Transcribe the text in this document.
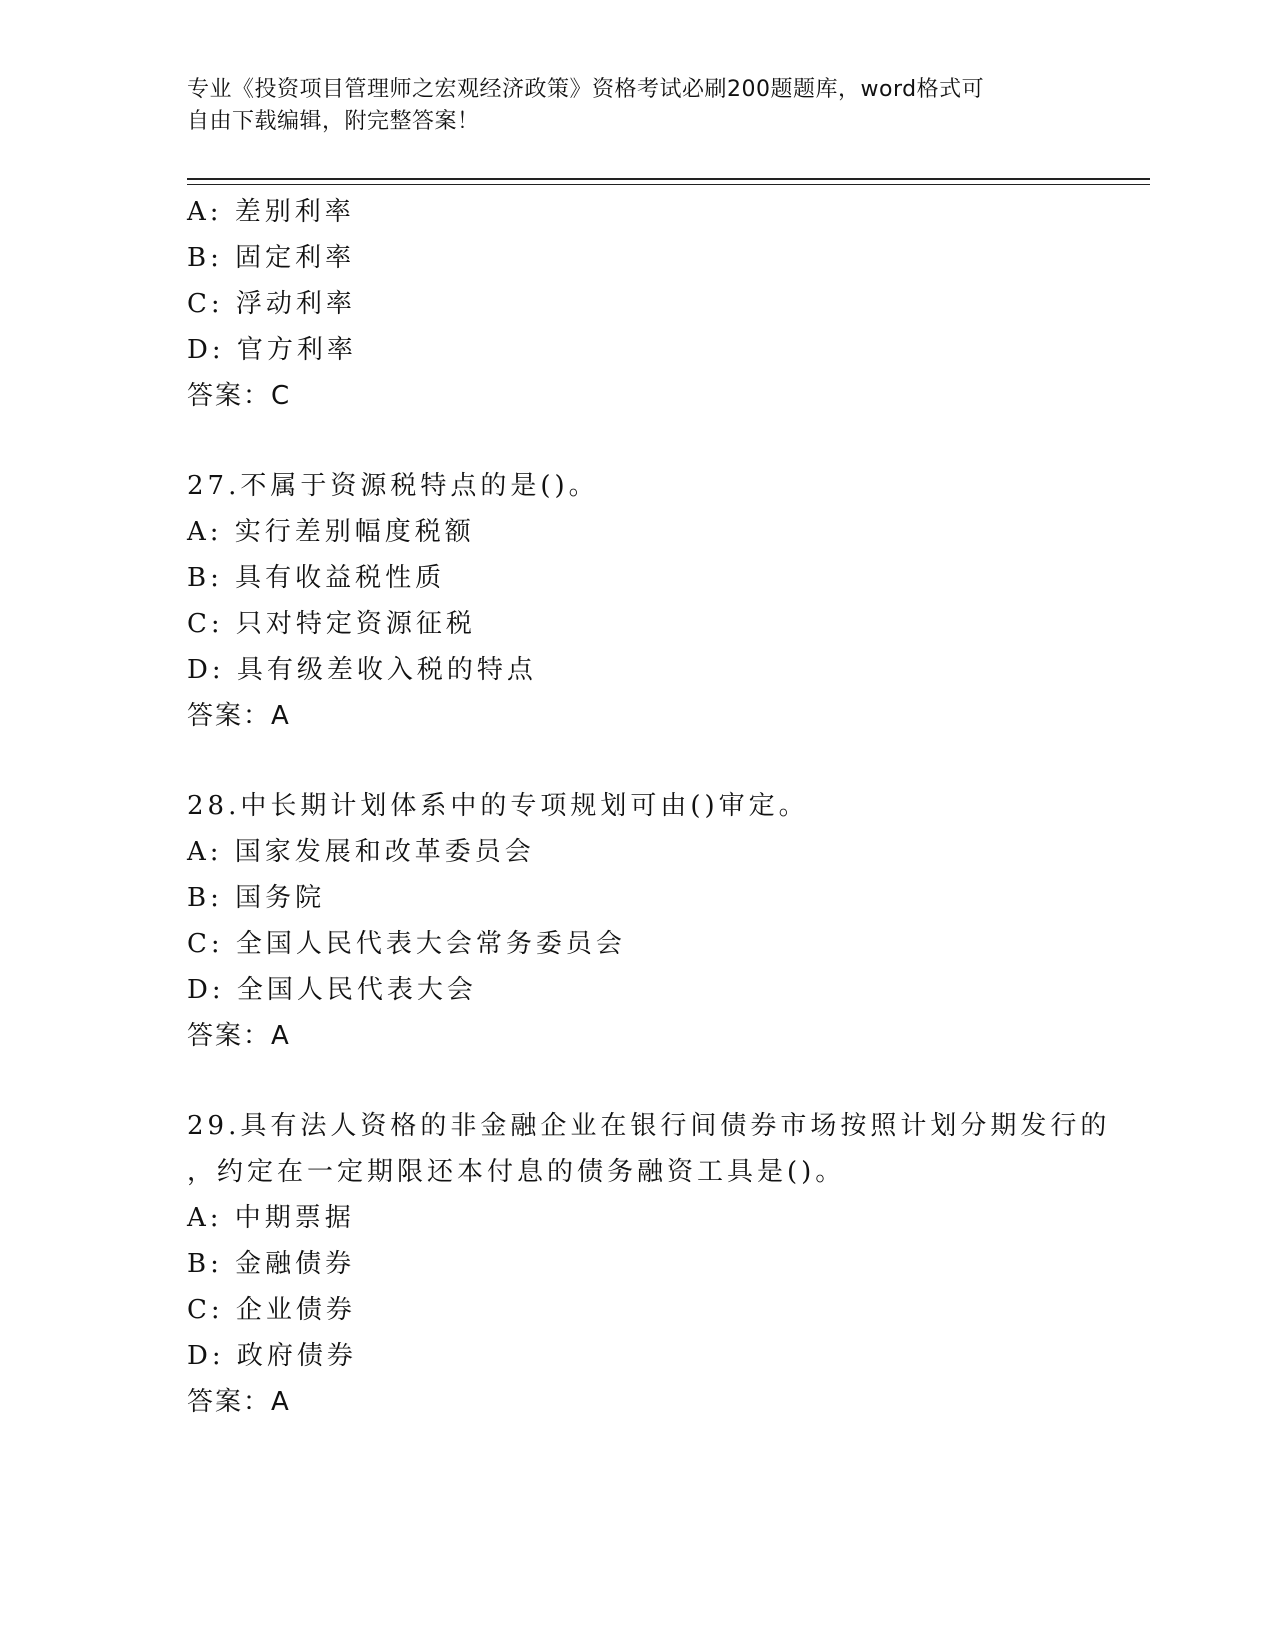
专业《投资项目管理师之宏观经济政策》资格考试必刷200题题库，word格式可
自由下载编辑，附完整答案！
A: 差别利率
B: 固定利率
C: 浮动利率
D: 官方利率
答案：C
27.不属于资源税特点的是()。
A: 实行差别幅度税额
B: 具有收益税性质
C: 只对特定资源征税
D: 具有级差收入税的特点
答案：A
28.中长期计划体系中的专项规划可由()审定。
A: 国家发展和改革委员会
B: 国务院
C: 全国人民代表大会常务委员会
D: 全国人民代表大会
答案：A
29.具有法人资格的非金融企业在银行间债券市场按照计划分期发行的
，约定在一定期限还本付息的债务融资工具是()。
A: 中期票据
B: 金融债券
C: 企业债券
D: 政府债券
答案：A
